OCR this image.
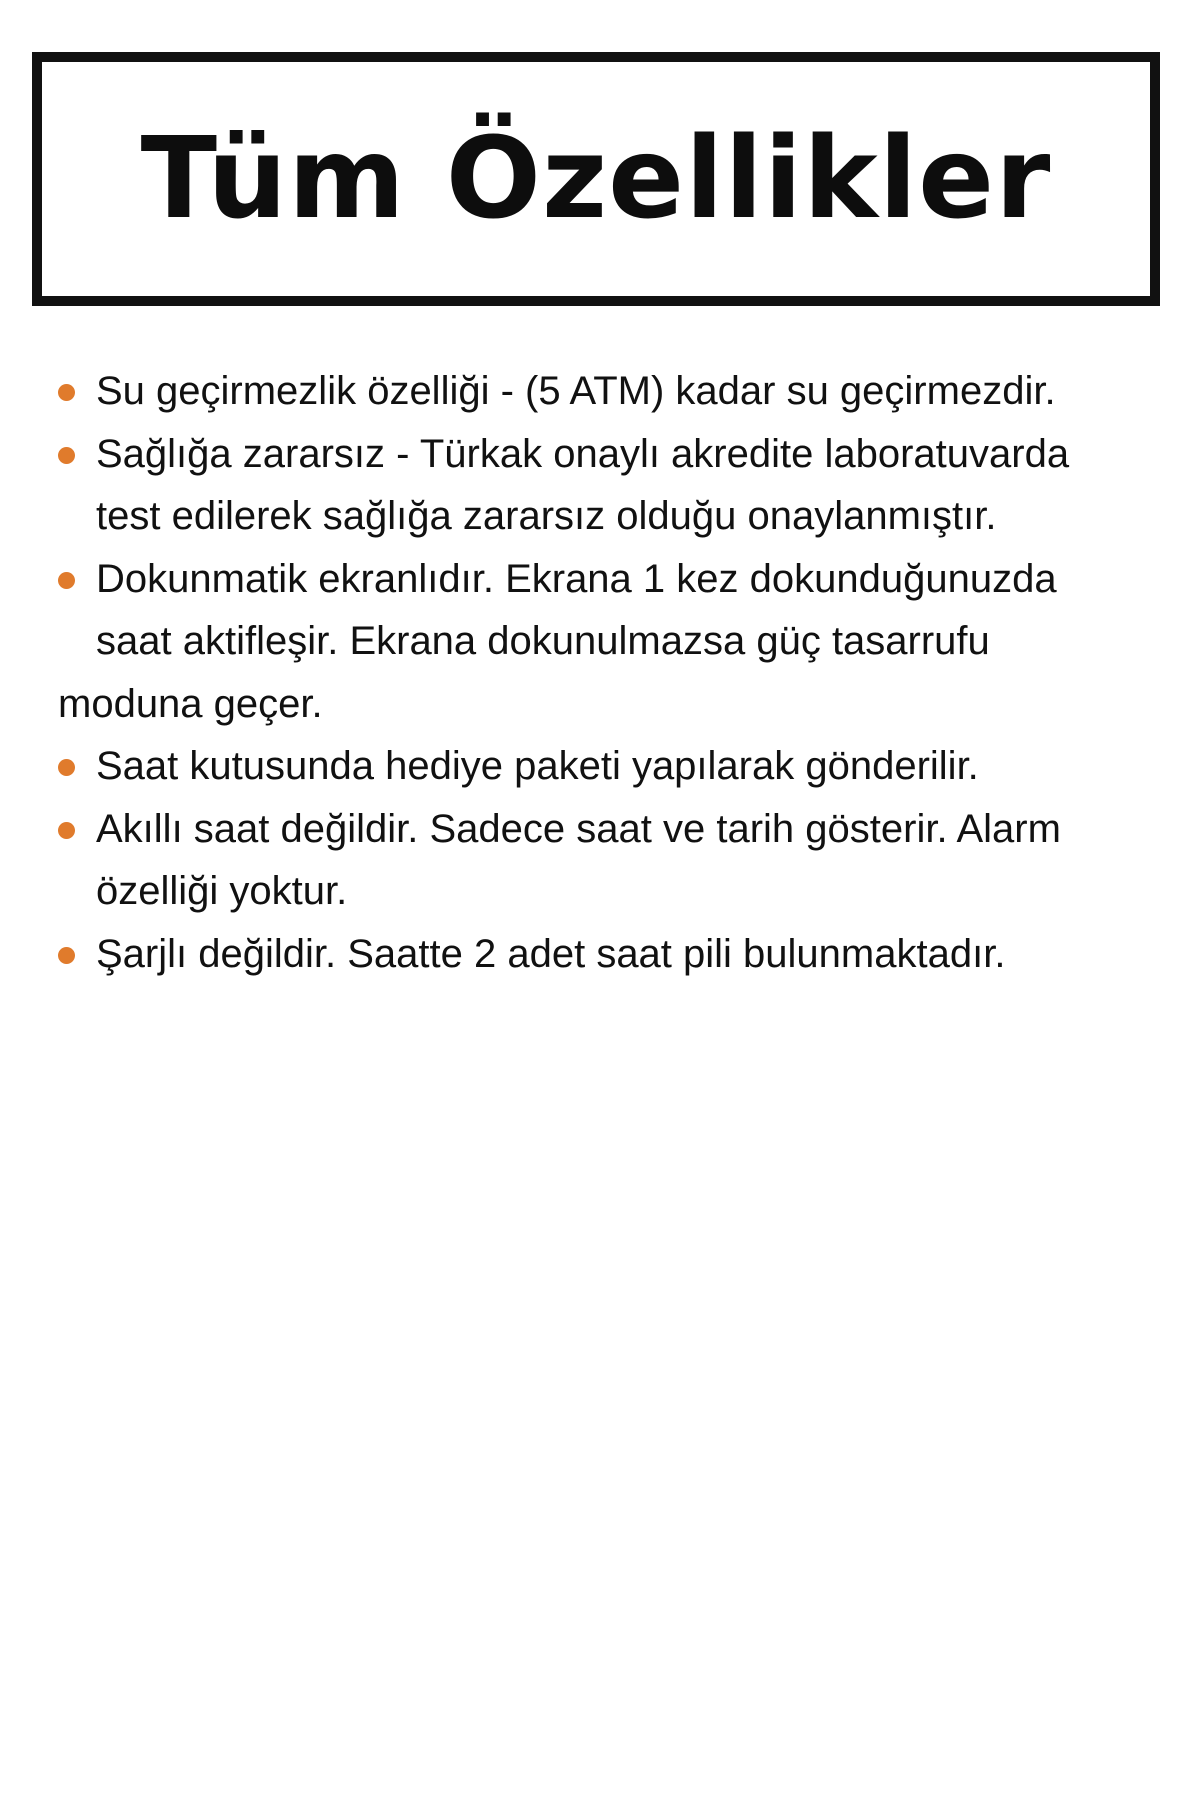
Tüm Özellikler
Su geçirmezlik özelliği - (5 ATM) kadar su geçirmezdir.
Sağlığa zararsız - Türkak onaylı akredite laboratuvarda
test edilerek sağlığa zararsız olduğu onaylanmıştır.
Dokunmatik ekranlıdır. Ekrana 1 kez dokunduğunuzda
saat aktifleşir. Ekrana dokunulmazsa güç tasarrufu
moduna geçer.
Saat kutusunda hediye paketi yapılarak gönderilir.
Akıllı saat değildir. Sadece saat ve tarih gösterir. Alarm
özelliği yoktur.
Şarjlı değildir. Saatte 2 adet saat pili bulunmaktadır.
